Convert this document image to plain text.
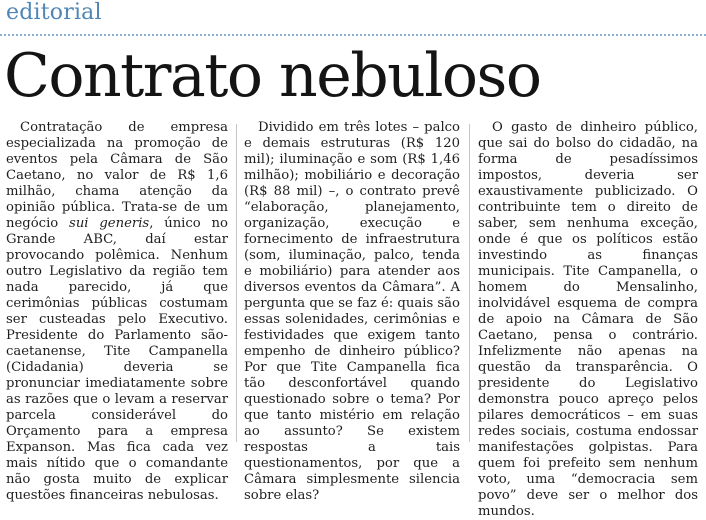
editorial
Contrato nebuloso

Contratação de empresa especializada na promoção de eventos pela Câmara de São Caetano, no valor de R$ 1,6 milhão, chama atenção da opinião pública. Trata-se de um negócio sui generis, único no Grande ABC, daí estar provocando polêmica. Nenhum outro Legislativo da região tem nada parecido, já que cerimônias públicas costumam ser custeadas pelo Executivo. Presidente do Parlamento são-caetanense, Tite Campanella (Cidadania) deveria se pronunciar imediatamente sobre as razões que o levam a reservar parcela considerável do Orçamento para a empresa Expanson. Mas fica cada vez mais nítido que o comandante não gosta muito de explicar questões financeiras nebulosas.

Dividido em três lotes – palco e demais estruturas (R$ 120 mil); iluminação e som (R$ 1,46 milhão); mobiliário e decoração (R$ 88 mil) –, o contrato prevê “elaboração, planejamento, organização, execução e fornecimento de infraestrutura (som, iluminação, palco, tenda e mobiliário) para atender aos diversos eventos da Câmara”. A pergunta que se faz é: quais são essas solenidades, cerimônias e festividades que exigem tanto empenho de dinheiro público? Por que Tite Campanella fica tão desconfortável quando questionado sobre o tema? Por que tanto mistério em relação ao assunto? Se existem respostas a tais questionamentos, por que a Câmara simplesmente silencia sobre elas?

O gasto de dinheiro público, que sai do bolso do cidadão, na forma de pesadíssimos impostos, deveria ser exaustivamente publicizado. O contribuinte tem o direito de saber, sem nenhuma exceção, onde é que os políticos estão investindo as finanças municipais. Tite Campanella, o homem do Mensalinho, inolvidável esquema de compra de apoio na Câmara de São Caetano, pensa o contrário. Infelizmente não apenas na questão da transparência. O presidente do Legislativo demonstra pouco apreço pelos pilares democráticos – em suas redes sociais, costuma endossar manifestações golpistas. Para quem foi prefeito sem nenhum voto, uma “democracia sem povo” deve ser o melhor dos mundos.
